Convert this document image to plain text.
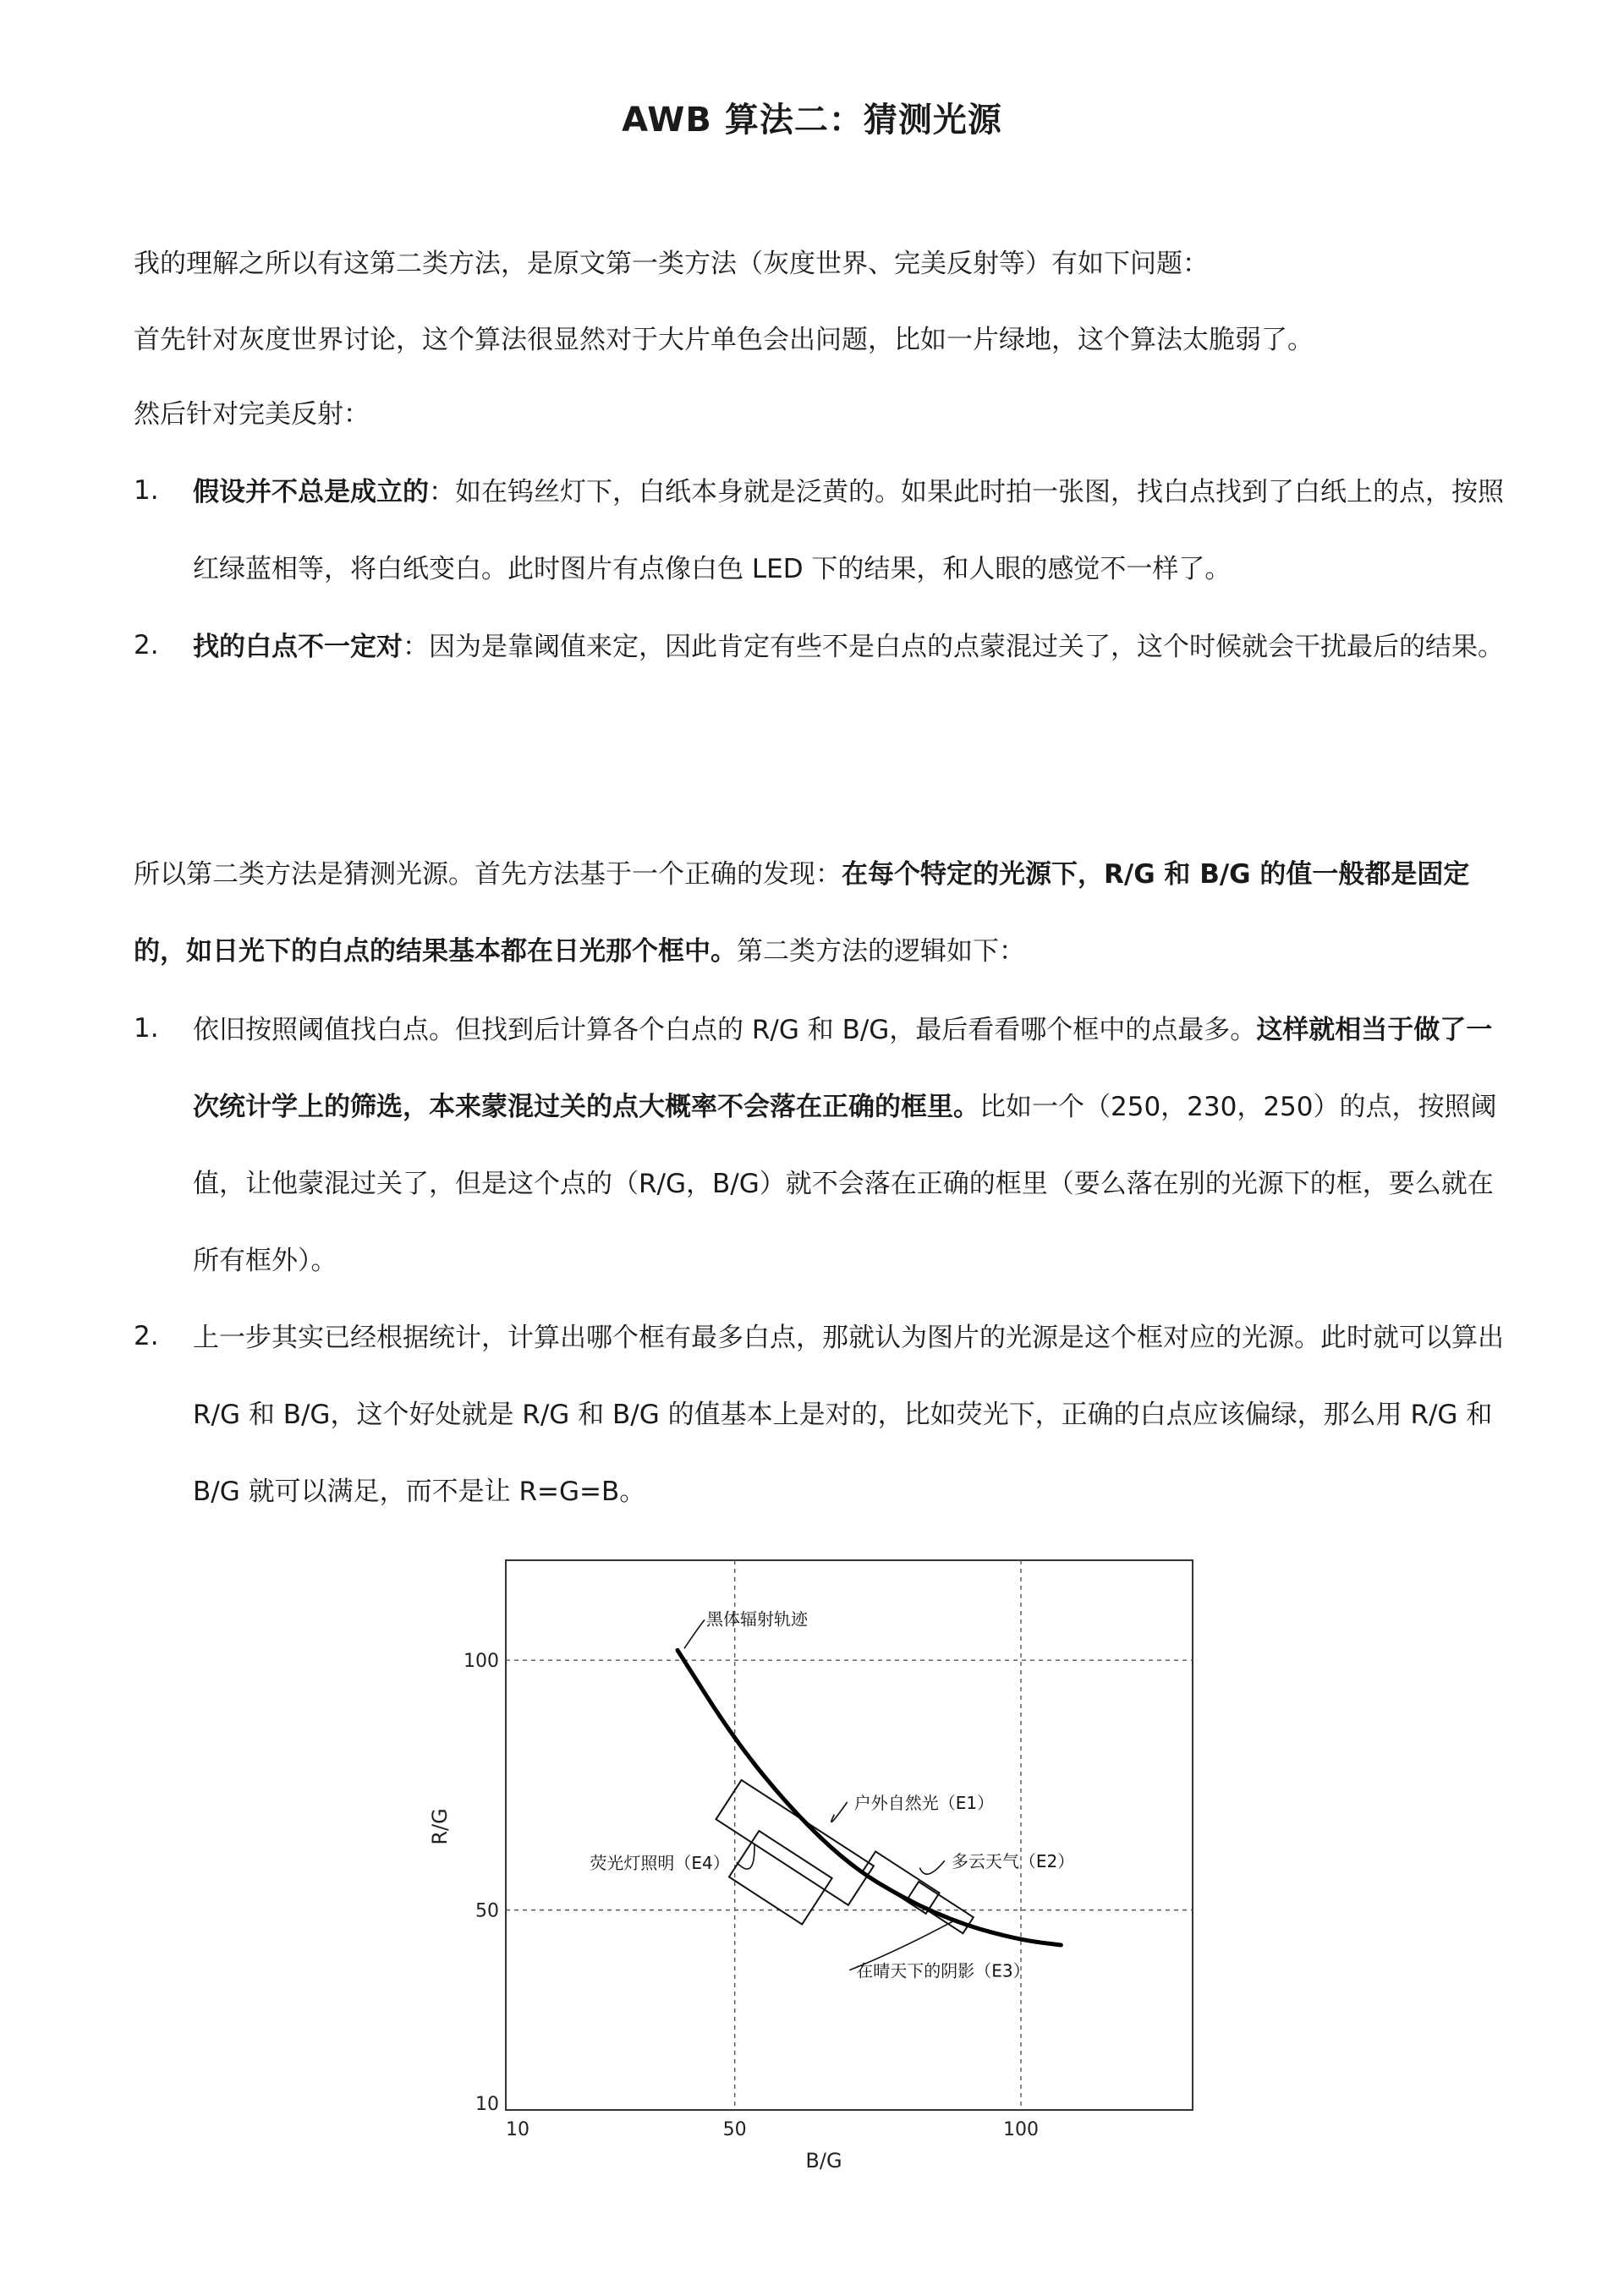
AWB 算法二：猜测光源
我的理解之所以有这第二类方法，是原文第一类方法（灰度世界、完美反射等）有如下问题：
首先针对灰度世界讨论，这个算法很显然对于大片单色会出问题，比如一片绿地，这个算法太脆弱了。
然后针对完美反射：
1. 假设并不总是成立的：如在钨丝灯下，白纸本身就是泛黄的。如果此时拍一张图，找白点找到了白纸上的点，按照红绿蓝相等，将白纸变白。此时图片有点像白色 LED 下的结果，和人眼的感觉不一样了。
2. 找的白点不一定对：因为是靠阈值来定，因此肯定有些不是白点的点蒙混过关了，这个时候就会干扰最后的结果。
所以第二类方法是猜测光源。首先方法基于一个正确的发现：在每个特定的光源下，R/G 和 B/G 的值一般都是固定的，如日光下的白点的结果基本都在日光那个框中。第二类方法的逻辑如下：
1. 依旧按照阈值找白点。但找到后计算各个白点的 R/G 和 B/G，最后看看哪个框中的点最多。这样就相当于做了一次统计学上的筛选，本来蒙混过关的点大概率不会落在正确的框里。比如一个（250，230，250）的点，按照阈值，让他蒙混过关了，但是这个点的（R/G，B/G）就不会落在正确的框里（要么落在别的光源下的框，要么就在所有框外）。
2. 上一步其实已经根据统计，计算出哪个框有最多白点，那就认为图片的光源是这个框对应的光源。此时就可以算出 R/G 和 B/G，这个好处就是 R/G 和 B/G 的值基本上是对的，比如荧光下，正确的白点应该偏绿，那么用 R/G 和 B/G 就可以满足，而不是让 R=G=B。
10	50	100
10
50
100
B/G
R/G
户外自然光（E1）
多云天气（E2）
在晴天下的阴影（E3）
荧光灯照明（E4）
黑体辐射轨迹
